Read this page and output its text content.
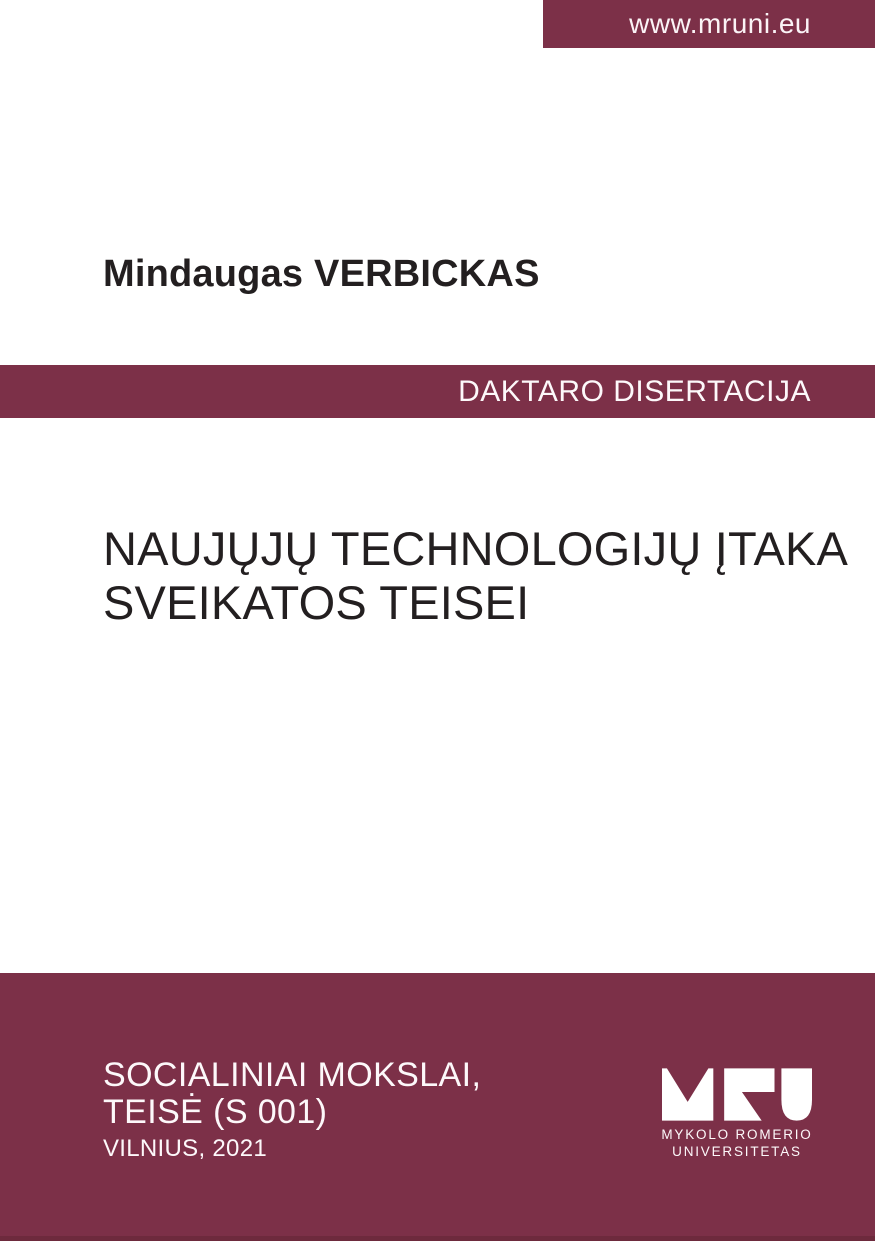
www.mruni.eu
Mindaugas VERBICKAS
DAKTARO DISERTACIJA
NAUJŲJŲ TECHNOLOGIJŲ ĮTAKA
SVEIKATOS TEISEI
SOCIALINIAI MOKSLAI,
TEISĖ (S 001)
VILNIUS, 2021
MYKOLO ROMERIO
UNIVERSITETAS
